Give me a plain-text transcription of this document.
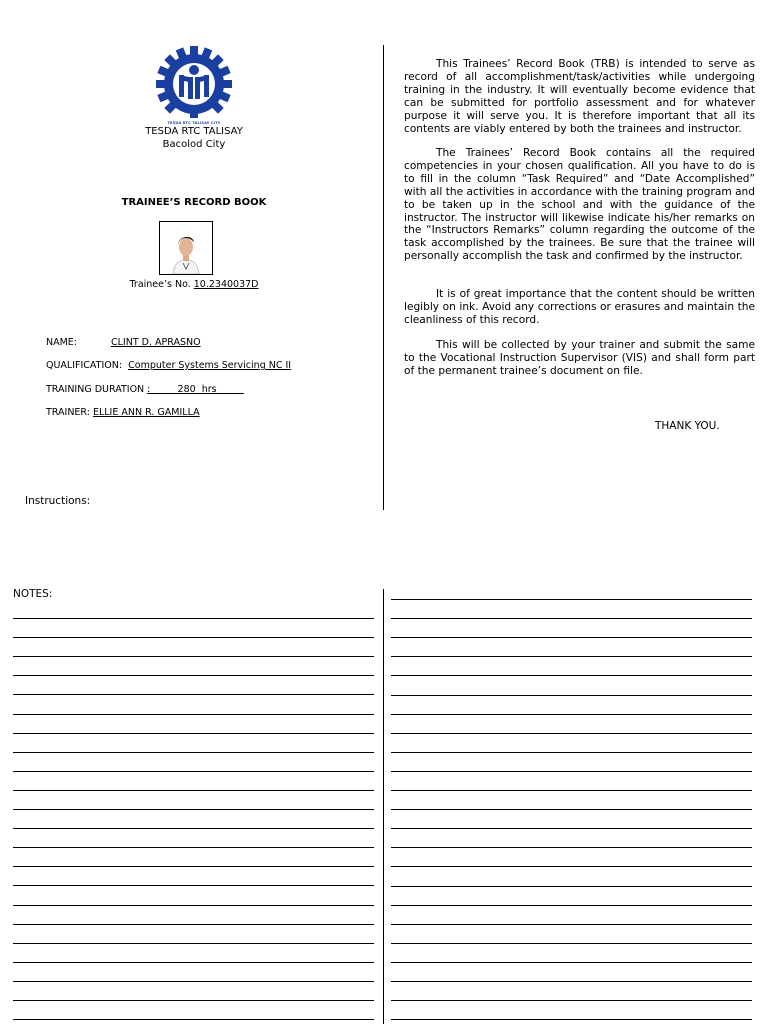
TESDA RTC TALISAY CITY
TESDA RTC TALISAY
Bacolod City
TRAINEE’S RECORD BOOK
Trainee’s No. 10.2340037D
NAME:	CLINT D. APRASNO
QUALIFICATION: Computer Systems Servicing NC II
TRAINING DURATION :         280  hrs
TRAINER: ELLIE ANN R. GAMILLA
Instructions:

This Trainees’ Record Book (TRB) is intended to serve as record of all accomplishment/task/activities while undergoing training in the industry. It will eventually become evidence that can be submitted for portfolio assessment and for whatever purpose it will serve you. It is therefore important that all its contents are viably entered by both the trainees and instructor.

The Trainees’ Record Book contains all the required competencies in your chosen qualification. All you have to do is to fill in the column “Task Required” and “Date Accomplished” with all the activities in accordance with the training program and to be taken up in the school and with the guidance of the instructor. The instructor will likewise indicate his/her remarks on the “Instructors Remarks” column regarding the outcome of the task accomplished by the trainees. Be sure that the trainee will personally accomplish the task and confirmed by the instructor.

It is of great importance that the content should be written legibly on ink. Avoid any corrections or erasures and maintain the cleanliness of this record.

This will be collected by your trainer and submit the same to the Vocational Instruction Supervisor (VIS) and shall form part of the permanent trainee’s document on file.

THANK YOU.
NOTES:
